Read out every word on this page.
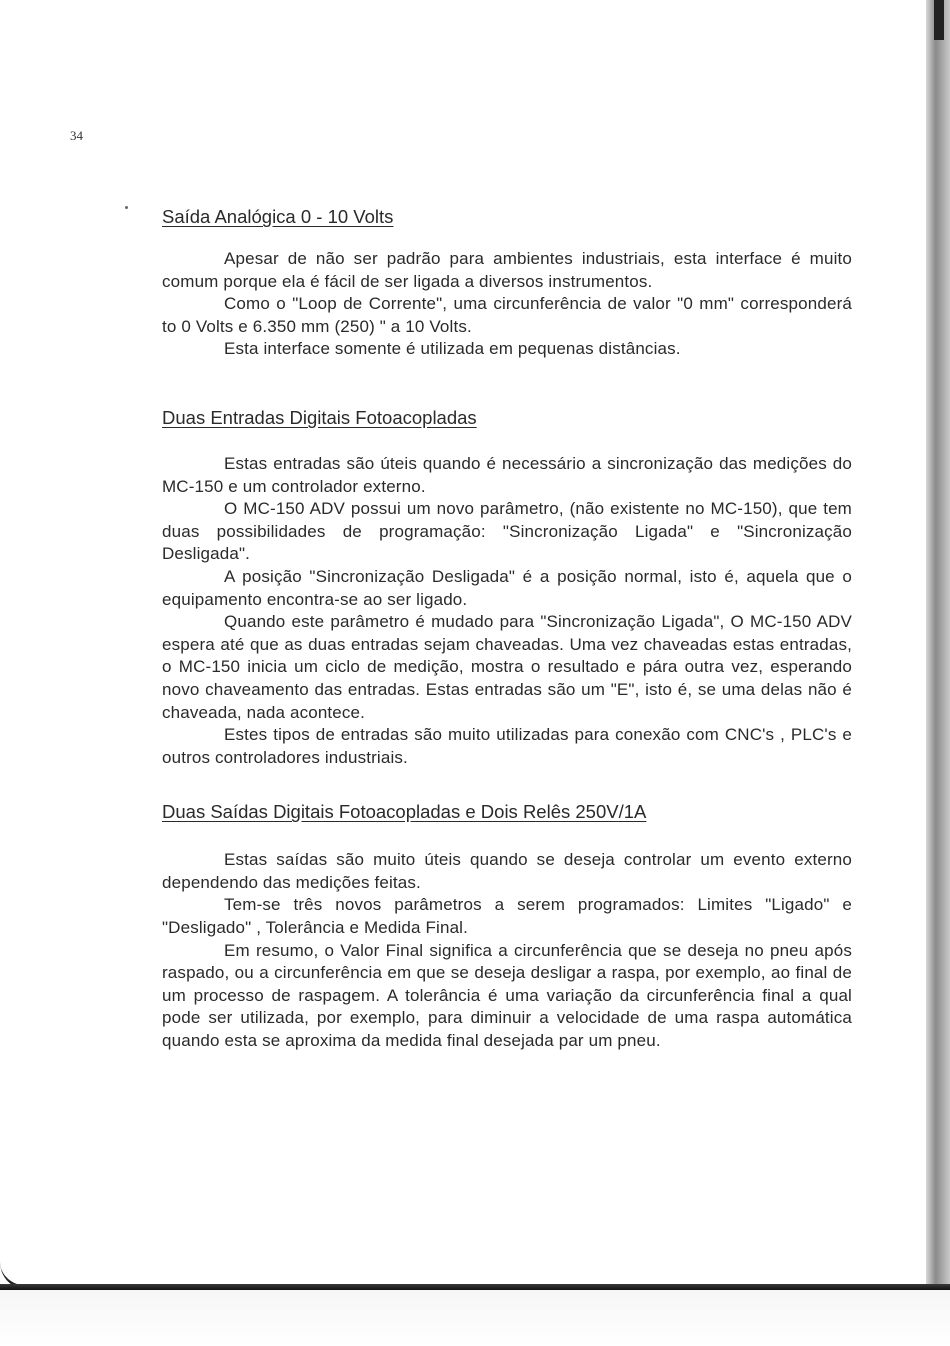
34
Saída Analógica 0 - 10 Volts

Apesar de não ser padrão para ambientes industriais, esta interface é muito comum porque ela é fácil de ser ligada a diversos instrumentos.

Como o "Loop de Corrente", uma circunferência de valor "0 mm" corresponderá to 0 Volts e 6.350 mm (250) " a 10 Volts.

Esta interface somente é utilizada em pequenas distâncias.

Duas Entradas Digitais Fotoacopladas

Estas entradas são úteis quando é necessário a sincronização das medições do MC-150 e um controlador externo.

O MC-150 ADV possui um novo parâmetro, (não existente no MC-150), que tem duas possibilidades de programação: "Sincronização Ligada" e "Sincronização Desligada".

A posição "Sincronização Desligada" é a posição normal, isto é, aquela que o equipamento encontra-se ao ser ligado.

Quando este parâmetro é mudado para "Sincronização Ligada", O MC-150 ADV espera até que as duas entradas sejam chaveadas. Uma vez chaveadas estas entradas, o MC-150 inicia um ciclo de medição, mostra o resultado e pára outra vez, esperando novo chaveamento das entradas. Estas entradas são um "E", isto é, se uma delas não é chaveada, nada acontece.

Estes tipos de entradas são muito utilizadas para conexão com CNC's , PLC's e outros controladores industriais.

Duas Saídas Digitais Fotoacopladas e Dois Relês 250V/1A

Estas saídas são muito úteis quando se deseja controlar um evento externo dependendo das medições feitas.

Tem-se três novos parâmetros a serem programados: Limites "Ligado" e "Desligado" , Tolerância e Medida Final.

Em resumo, o Valor Final significa a circunferência que se deseja no pneu após raspado, ou a circunferência em que se deseja desligar a raspa, por exemplo, ao final de um processo de raspagem. A tolerância é uma variação da circunferência final a qual pode ser utilizada, por exemplo, para diminuir a velocidade de uma raspa automática quando esta se aproxima da medida final desejada par um pneu.
